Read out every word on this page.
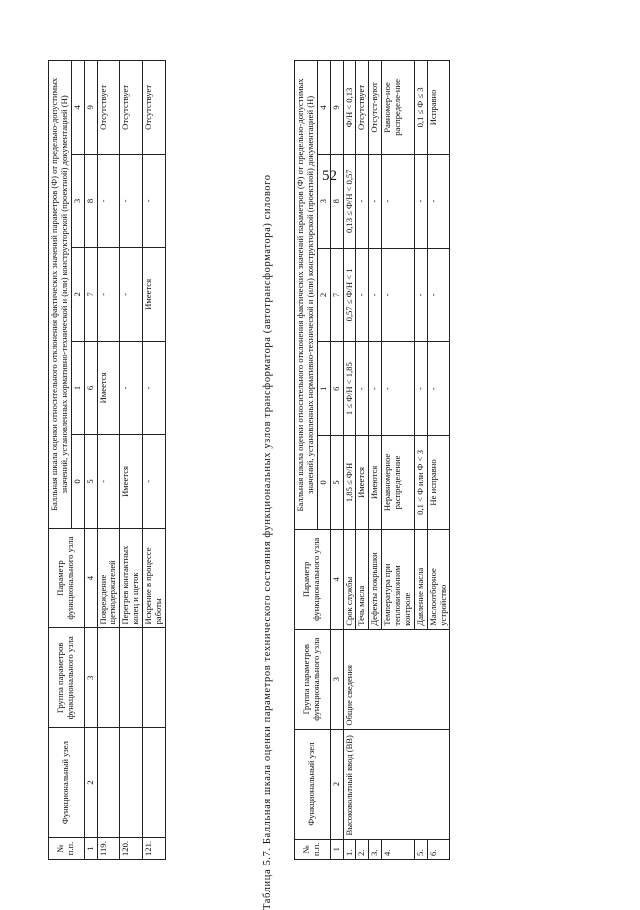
52
№ п.п.	Функциональный узел	Группа параметров функционального узла	Параметр функционального узла	Балльная шкала оценки относительного отклонения фактических значений параметров (Ф) от предельно-допустимых значений, установленных нормативно-технической и (или) конструкторской (проектной) документацией (Н)				
				0	1	2	3	4
1	2	3	4	5	6	7	8	9
119.			Повреждение щеткодержателей	-	Имеется	-	-	Отсутствует
120.			Перегрев контактных колец и щеток	Имеется	-	-	-	Отсутствует
121.			Искрение в процессе работы	-	-	Имеется	-	Отсутствует
Таблица 5.7. Балльная шкала оценки параметров технического состояния функциональных узлов трансформатора (автотрансформатора) силового	№ п.п.	Функциональный узел	Группа параметров функционального узла	Параметр функционального узла	Балльная шкала оценки относительного отклонения фактических значений параметров (Ф) от предельно-допустимых значений, установленных нормативно-технической и (или) конструкторской (проектной) документацией (Н)				
				0	1	2	3	4
1	2	3	4	5	6	7	8	9
1.	Высоковольтный ввод (ВВ)	Общие сведения	Срок службы	1,85 ≤ Ф/Н	1 ≤ Ф/Н < 1,85	0,57 ≤ Ф/Н < 1	0,13 ≤ Ф/Н < 0,57	Ф/Н < 0,13
2.			Течь масла	Имеется	-	-	-	Отсутствует
3.			Дефекты покрышки	Имеются	-	-	-	Отсутст-вуют
4.			Температура при тепловизионном контроле	Неравномерное распределение	-	-	-	Равномер-ное распределе-ние
5.			Давление масла	0,1 < Ф или Ф < 3	-	-	-	0,1 ≤ Ф ≤ 3
6.			Маслоотборное устройство	Не исправно	-	-	-	Исправно
